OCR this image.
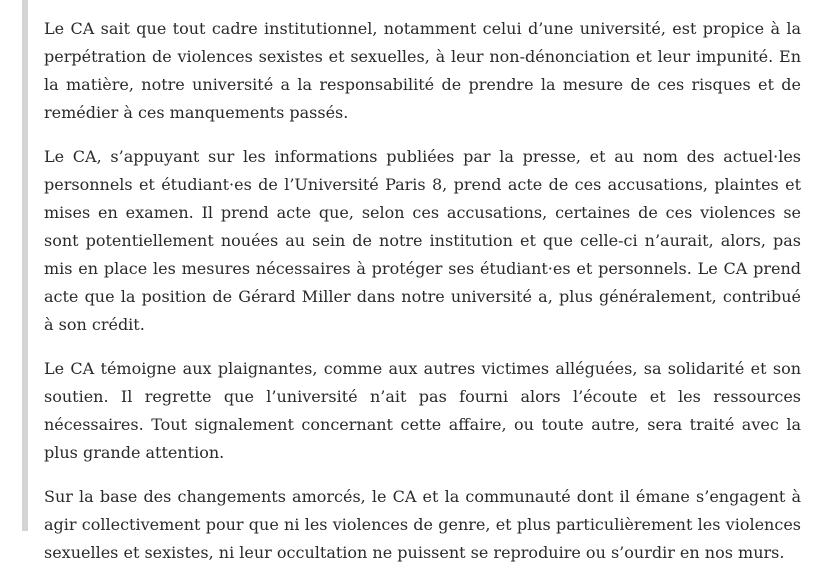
Le CA sait que tout cadre institutionnel, notamment celui d’une université, est propice à la perpétration de violences sexistes et sexuelles, à leur non-dénonciation et leur impunité. En la matière, notre université a la responsabilité de prendre la mesure de ces risques et de remédier à ces manquements passés.

Le CA, s’appuyant sur les informations publiées par la presse, et au nom des actuel·les personnels et étudiant·es de l’Université Paris 8, prend acte de ces accusations, plaintes et mises en examen. Il prend acte que, selon ces accusations, certaines de ces violences se sont potentiellement nouées au sein de notre institution et que celle-ci n’aurait, alors, pas mis en place les mesures nécessaires à protéger ses étudiant·es et personnels. Le CA prend acte que la position de Gérard Miller dans notre université a, plus généralement, contribué à son crédit.

Le CA témoigne aux plaignantes, comme aux autres victimes alléguées, sa solidarité et son soutien. Il regrette que l’université n’ait pas fourni alors l’écoute et les ressources nécessaires. Tout signalement concernant cette affaire, ou toute autre, sera traité avec la plus grande attention.

Sur la base des changements amorcés, le CA et la communauté dont il émane s’engagent à agir collectivement pour que ni les violences de genre, et plus particulièrement les violences sexuelles et sexistes, ni leur occultation ne puissent se reproduire ou s’ourdir en nos murs.
